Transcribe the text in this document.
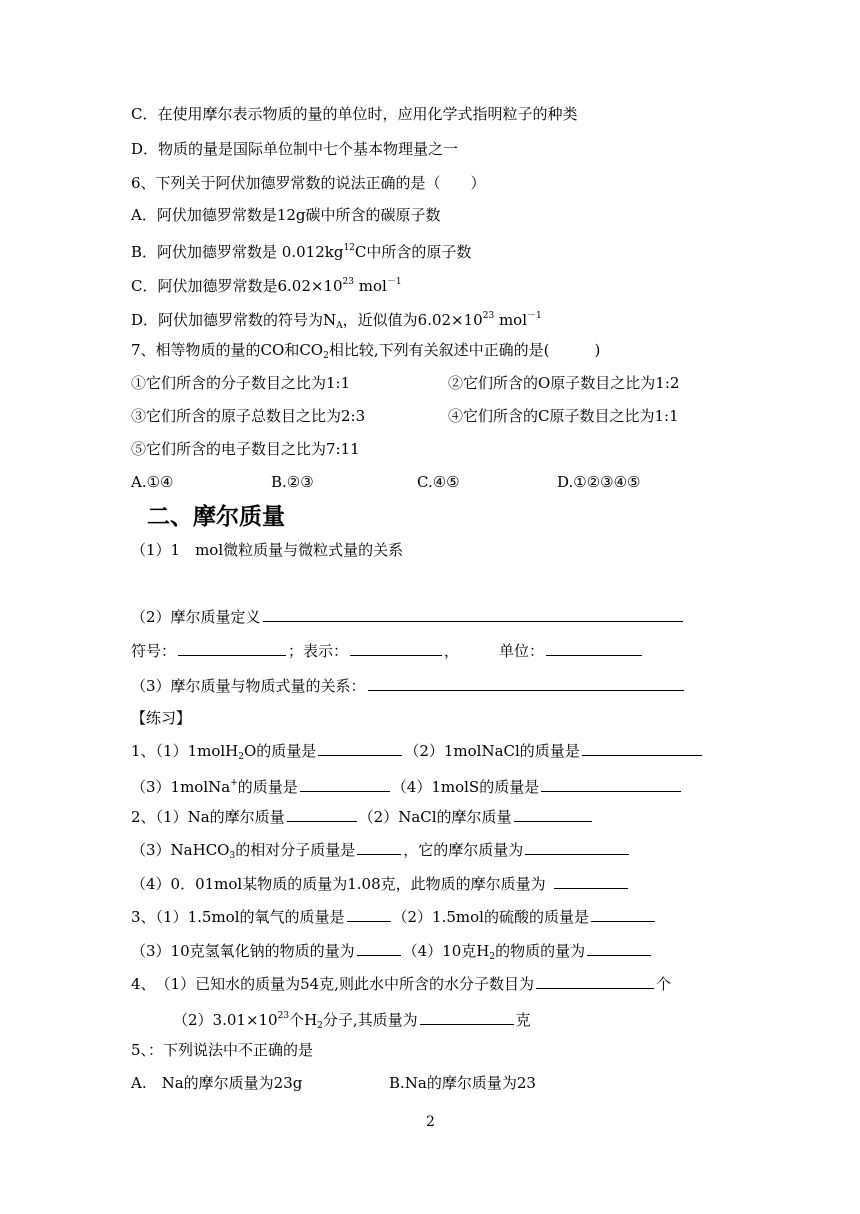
C．在使用摩尔表示物质的量的单位时，应用化学式指明粒子的种类
D．物质的量是国际单位制中七个基本物理量之一
6、下列关于阿伏加德罗常数的说法正确的是（　　）
A．阿伏加德罗常数是12g碳中所含的碳原子数
B．阿伏加德罗常数是 $0.012kg^{12}C$中所含的原子数
C．阿伏加德罗常数是$6.02\times 10^{23}$ mol$^{-1}$
D．阿伏加德罗常数的符号为$N_A$，近似值为$6.02\times 10^{23}$ mol$^{-1}$
7、相等物质的量的CO和$CO_2$相比较,下列有关叙述中正确的是(　　　)
①它们所含的分子数目之比为1:1	②它们所含的O原子数目之比为1:2
③它们所含的原子总数目之比为2:3	④它们所含的C原子数目之比为1:1
⑤它们所含的电子数目之比为7:11
A.①④	B.②③	C.④⑤	D.①②③④⑤
二、摩尔质量
（1）1　mol微粒质量与微粒式量的关系
（2）摩尔质量定义
符号：	；表示：	，	单位：
（3）摩尔质量与物质式量的关系：
【练习】
1、（1）1molH$_2$O的质量是	（2）1molNaCl的质量是
（3）1molNa+的质量是	（4）1molS的质量是
2、（1）Na的摩尔质量	（2）NaCl的摩尔质量
（3）NaHCO$_3$的相对分子质量是	，它的摩尔质量为
（4）0．01mol某物质的质量为1.08克，此物质的摩尔质量为
3、（1）1.5mol的氧气的质量是	（2）1.5mol的硫酸的质量是
（3）10克氢氧化钠的物质的量为	（4）10克$H_2$的物质的量为
4、　（1）已知水的质量为54克,则此水中所含的水分子数目为	个
$(2)3.01\times 10^{23}$个$H_2$分子,其质量为	克
5、：下列说法中不正确的是
A.　Na的摩尔质量为23g	B.Na的摩尔质量为23
2
